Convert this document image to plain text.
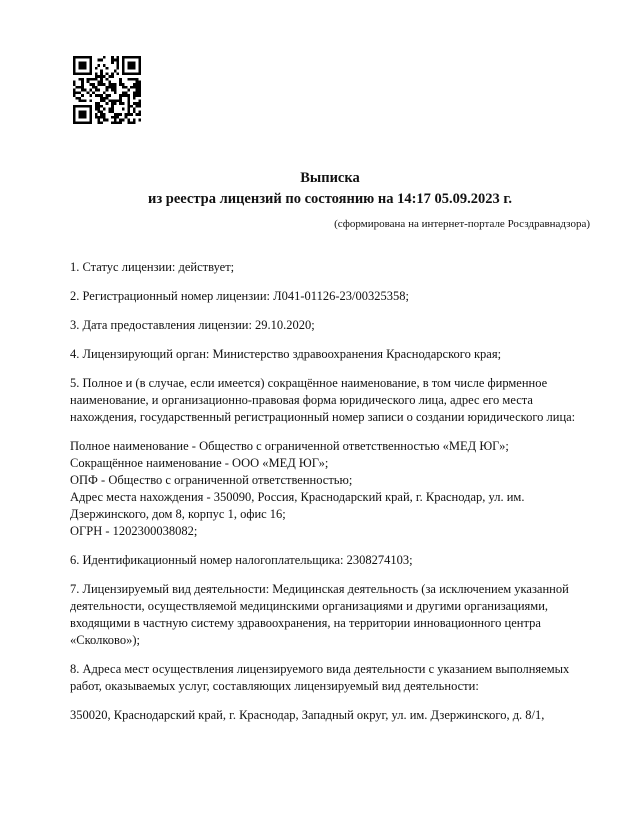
Выписка
из реестра лицензий по состоянию на 14:17 05.09.2023 г.
(сформирована на интернет-портале Росздравнадзора)

1. Статус лицензии: действует;

2. Регистрационный номер лицензии: Л041-01126-23/00325358;

3. Дата предоставления лицензии: 29.10.2020;

4. Лицензирующий орган: Министерство здравоохранения Краснодарского края;

5. Полное и (в случае, если имеется) сокращённое наименование, в том числе фирменное наименование, и организационно-правовая форма юридического лица, адрес его места нахождения, государственный регистрационный номер записи о создании юридического лица:

Полное наименование - Общество с ограниченной ответственностью «МЕД ЮГ»;
Сокращённое наименование - ООО «МЕД ЮГ»;
ОПФ - Общество с ограниченной ответственностью;
Адрес места нахождения - 350090, Россия, Краснодарский край, г. Краснодар, ул. им. Дзержинского, дом 8, корпус 1, офис 16;
ОГРН - 1202300038082;

6. Идентификационный номер налогоплательщика: 2308274103;

7. Лицензируемый вид деятельности: Медицинская деятельность (за исключением указанной деятельности, осуществляемой медицинскими организациями и другими организациями, входящими в частную систему здравоохранения, на территории инновационного центра «Сколково»);

8. Адреса мест осуществления лицензируемого вида деятельности с указанием выполняемых работ, оказываемых услуг, составляющих лицензируемый вид деятельности:

350020, Краснодарский край, г. Краснодар, Западный округ, ул. им. Дзержинского, д. 8/1,
